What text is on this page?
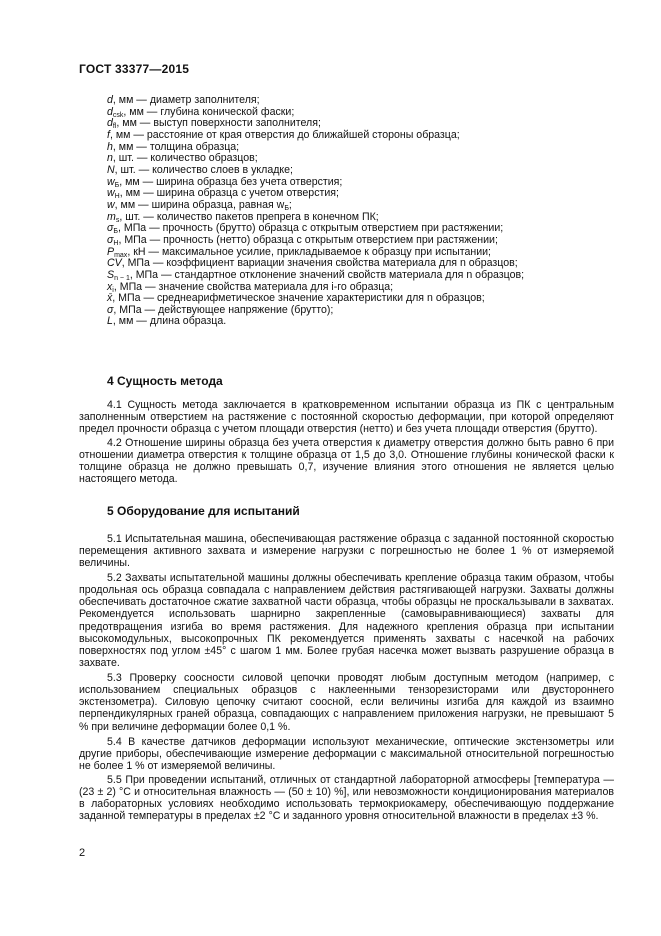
ГОСТ 33377—2015
d, мм — диаметр заполнителя;
$d_{csk}$, мм — глубина конической фаски;
$d_{fl}$, мм — выступ поверхности заполнителя;
f, мм — расстояние от края отверстия до ближайшей стороны образца;
h, мм — толщина образца;
n, шт. — количество образцов;
N, шт. — количество слоев в укладке;
$w_Б$, мм — ширина образца без учета отверстия;
$w_Н$, мм — ширина образца с учетом отверстия;
w, мм — ширина образца, равная $w_Б$;
$m_s$, шт. — количество пакетов препрега в конечном ПК;
$\sigma_Б$, МПа — прочность (брутто) образца с открытым отверстием при растяжении;
$\sigma_Н$, МПа — прочность (нетто) образца с открытым отверстием при растяжении;
$P_{max}$, кН — максимальное усилие, прикладываемое к образцу при испытании;
CV, МПа — коэффициент вариации значения свойства материала для n образцов;
$S_{n - 1}$, МПа — стандартное отклонение значений свойств материала для n образцов;
$x_i$, МПа — значение свойства материала для i-го образца;
x̄, МПа — среднеарифметическое значение характеристики для n образцов;
σ, МПа — действующее напряжение (брутто);
L, мм — длина образца.
4 Сущность метода

4.1 Сущность метода заключается в кратковременном испытании образца из ПК с центральным заполненным отверстием на растяжение с постоянной скоростью деформации, при которой определяют предел прочности образца с учетом площади отверстия (нетто) и без учета площади отверстия (брутто).

4.2 Отношение ширины образца без учета отверстия к диаметру отверстия должно быть равно 6 при отношении диаметра отверстия к толщине образца от 1,5 до 3,0. Отношение глубины конической фаски к толщине образца не должно превышать 0,7, изучение влияния этого отношения не является целью настоящего метода.

5 Оборудование для испытаний

5.1 Испытательная машина, обеспечивающая растяжение образца с заданной постоянной скоростью перемещения активного захвата и измерение нагрузки с погрешностью не более 1 % от измеряемой величины.

5.2 Захваты испытательной машины должны обеспечивать крепление образца таким образом, чтобы продольная ось образца совпадала с направлением действия растягивающей нагрузки. Захваты должны обеспечивать достаточное сжатие захватной части образца, чтобы образцы не проскальзывали в захватах. Рекомендуется использовать шарнирно закрепленные (самовыравнивающиеся) захваты для предотвращения изгиба во время растяжения. Для надежного крепления образца при испытании высокомодульных, высокопрочных ПК рекомендуется применять захваты с насечкой на рабочих поверхностях под углом ±45° с шагом 1 мм. Более грубая насечка может вызвать разрушение образца в захвате.

5.3 Проверку соосности силовой цепочки проводят любым доступным методом (например, с использованием специальных образцов с наклеенными тензорезисторами или двустороннего экстензометра). Силовую цепочку считают соосной, если величины изгиба для каждой из взаимно перпендикулярных граней образца, совпадающих с направлением приложения нагрузки, не превышают 5 % при величине деформации более 0,1 %.

5.4 В качестве датчиков деформации используют механические, оптические экстензометры или другие приборы, обеспечивающие измерение деформации с максимальной относительной погрешностью не более 1 % от измеряемой величины.

5.5 При проведении испытаний, отличных от стандартной лабораторной атмосферы [температура — (23 ± 2) °С и относительная влажность — (50 ± 10) %], или невозможности кондиционирования материалов в лабораторных условиях необходимо использовать термокриокамеру, обеспечивающую поддержание заданной температуры в пределах ±2 °С и заданного уровня относительной влажности в пределах ±3 %.

2
